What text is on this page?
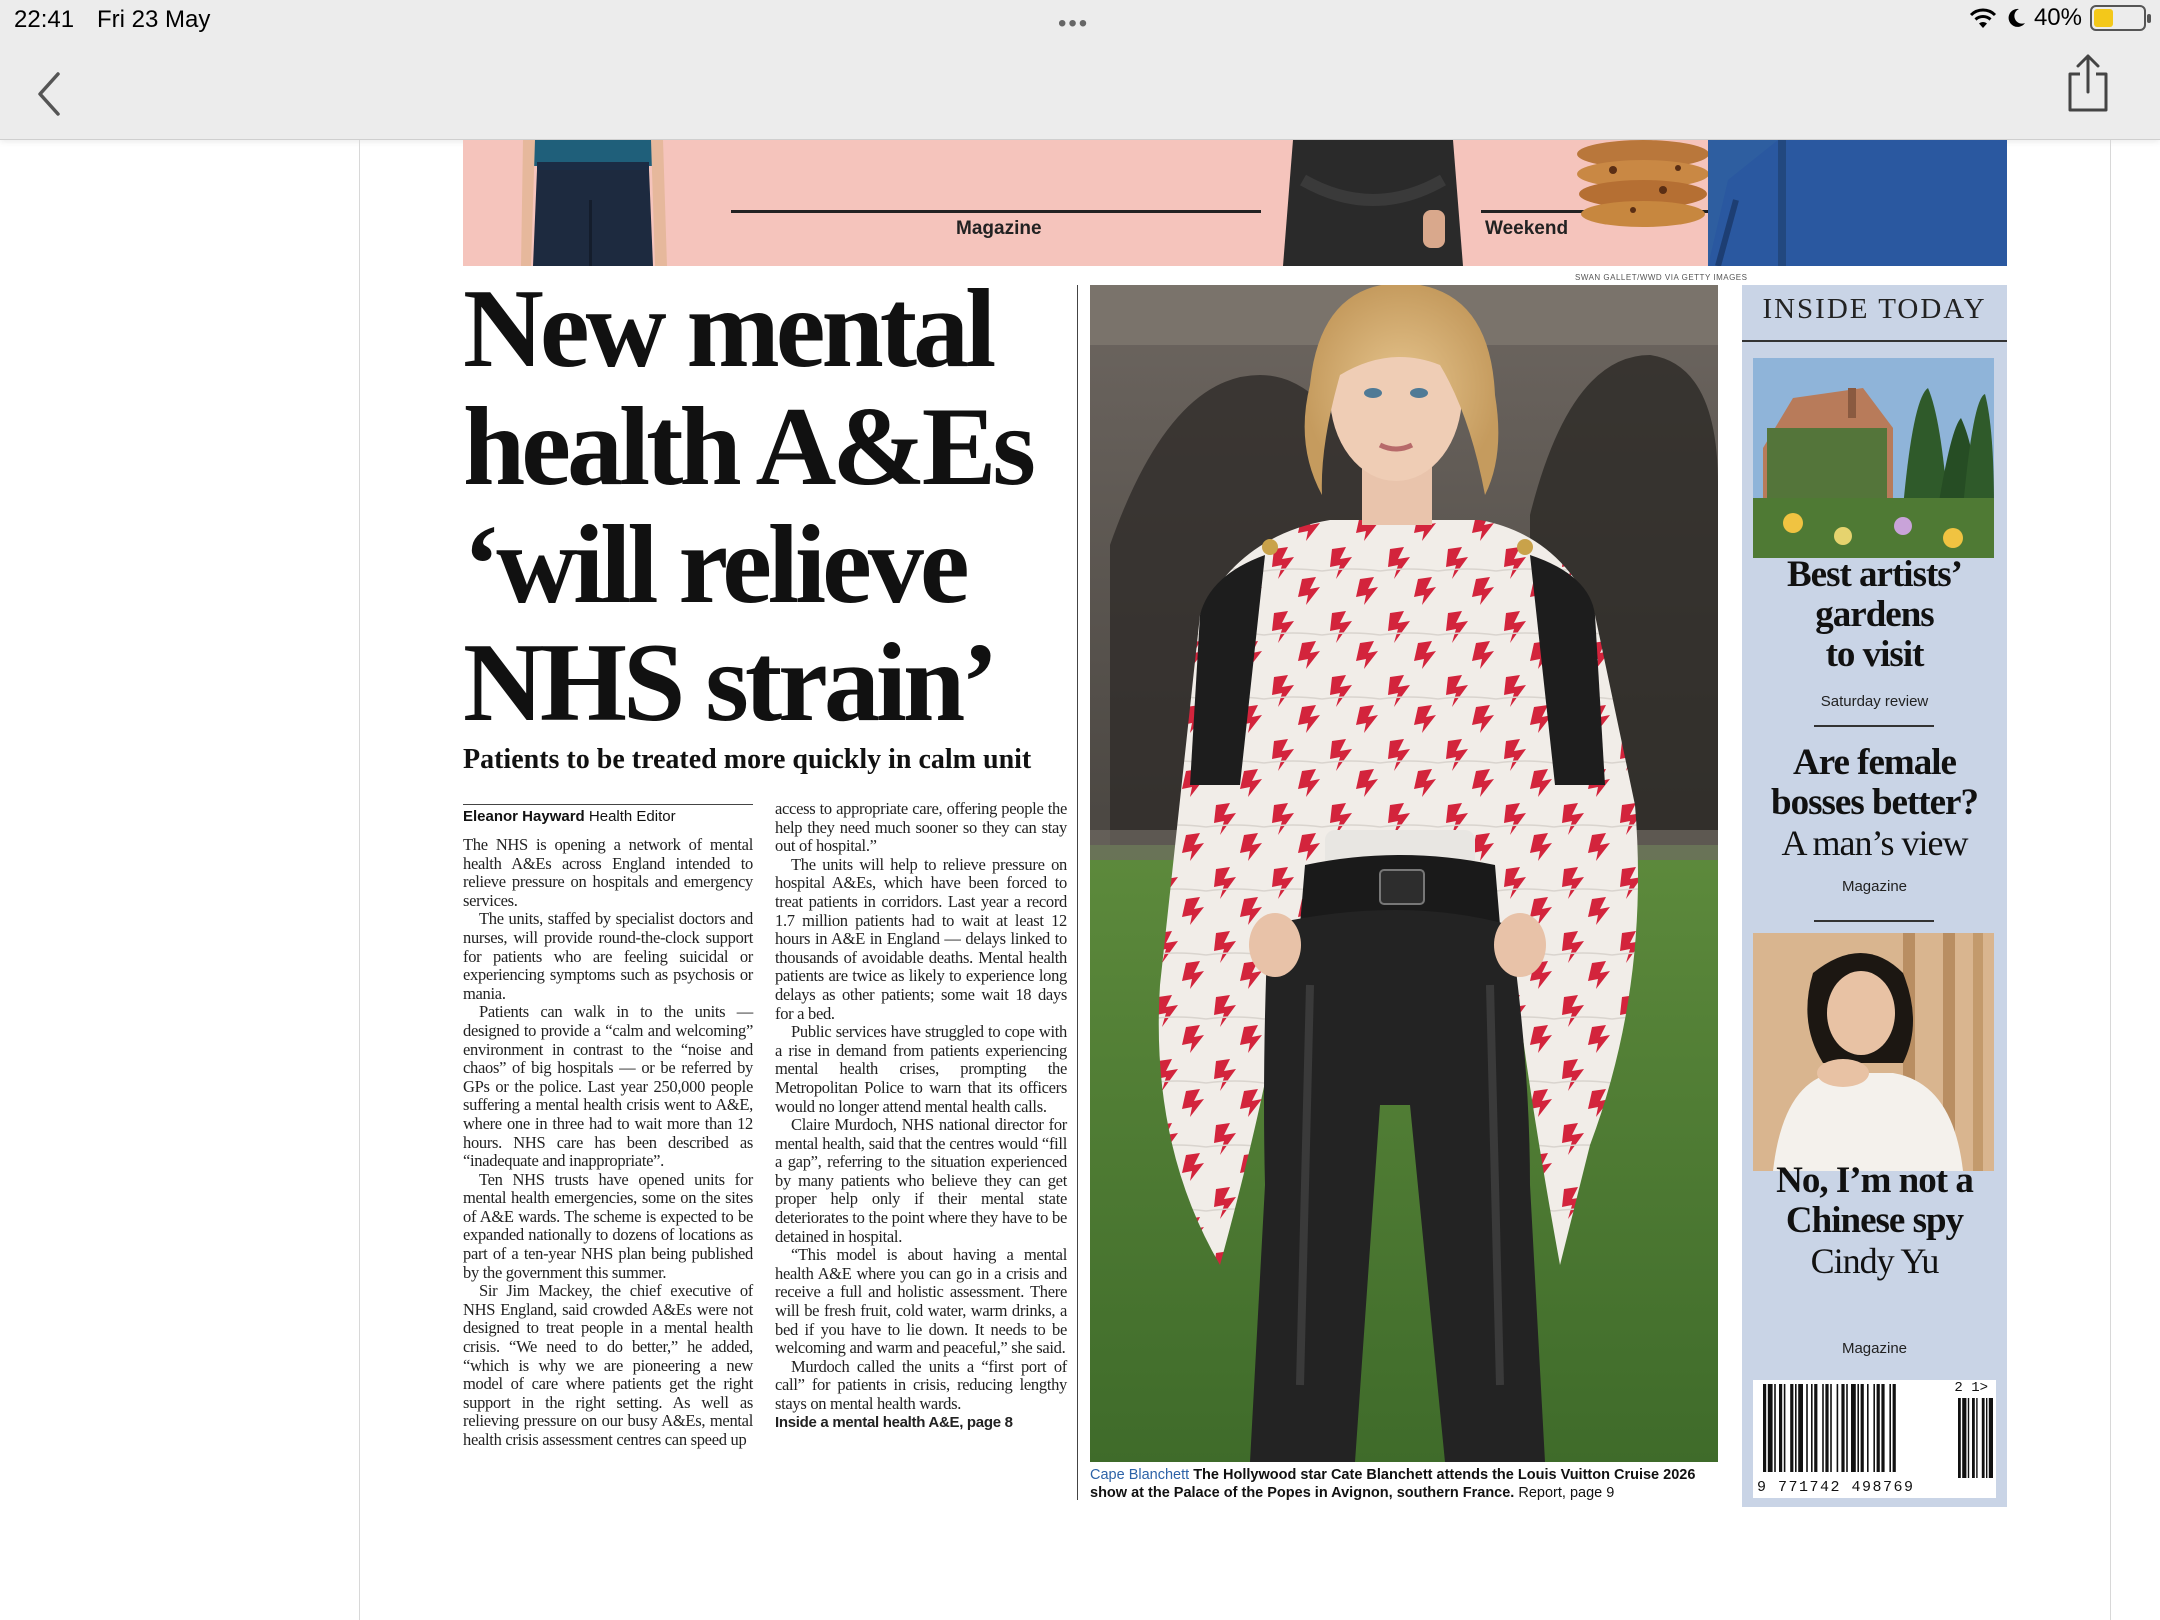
22:41 Fri 23 May	•••	40%
Magazine	Weekend
SWAN GALLET/WWD VIA GETTY IMAGES
New mental
health A&Es
‘will relieve
NHS strain’
Patients to be treated more quickly in calm unit
Eleanor Hayward Health Editor

The NHS is opening a network of mental health A&Es across England intended to relieve pressure on hospitals and emergency services.

The units, staffed by specialist doctors and nurses, will provide round-the-clock support for patients who are feeling suicidal or experiencing symptoms such as psychosis or mania.

Patients can walk in to the units — designed to provide a “calm and welcoming” environment in contrast to the “noise and chaos” of big hospitals — or be referred by GPs or the police. Last year 250,000 people suffering a mental health crisis went to A&E, where one in three had to wait more than 12 hours. NHS care has been described as “inadequate and inappropriate”.

Ten NHS trusts have opened units for mental health emergencies, some on the sites of A&E wards. The scheme is expected to be expanded nationally to dozens of locations as part of a ten-year NHS plan being published by the government this summer.

Sir Jim Mackey, the chief executive of NHS England, said crowded A&Es were not designed to treat people in a mental health crisis. “We need to do better,” he added, “which is why we are pioneering a new model of care where patients get the right support in the right setting. As well as relieving pressure on our busy A&Es, mental health crisis assessment centres can speed up

access to appropriate care, offering people the help they need much sooner so they can stay out of hospital.”

The units will help to relieve pressure on hospital A&Es, which have been forced to treat patients in corridors. Last year a record 1.7 million patients had to wait at least 12 hours in A&E in England — delays linked to thousands of avoidable deaths. Mental health patients are twice as likely to experience long delays as other patients; some wait 18 days for a bed.

Public services have struggled to cope with a rise in demand from patients experiencing mental health crises, prompting the Metropolitan Police to warn that its officers would no longer attend mental health calls.

Claire Murdoch, NHS national director for mental health, said that the centres would “fill a gap”, referring to the situation experienced by many patients who believe they can get proper help only if their mental state deteriorates to the point where they have to be detained in hospital.

“This model is about having a mental health A&E where you can go in a crisis and receive a full and holistic assessment. There will be fresh fruit, cold water, warm drinks, a bed if you have to lie down. It needs to be welcoming and warm and peaceful,” she said.

Murdoch called the units a “first port of call” for patients in crisis, reducing lengthy stays on mental health wards.

Inside a mental health A&E, page 8

Cape Blanchett The Hollywood star Cate Blanchett attends the Louis Vuitton Cruise 2026 show at the Palace of the Popes in Avignon, southern France. Report, page 9
INSIDE TODAY
Best artists’
gardens
to visit
Saturday review
Are female
bosses better?
A man’s view
Magazine
No, I’m not a
Chinese spy
Cindy Yu
Magazine
2 1>
9 771742 498769
